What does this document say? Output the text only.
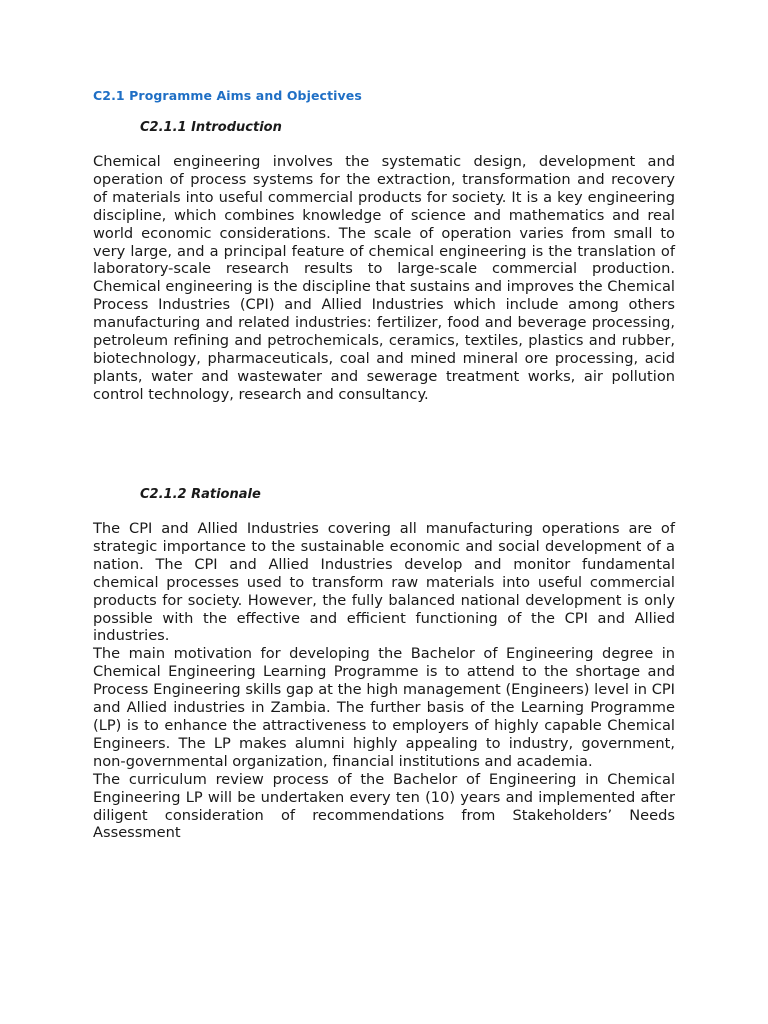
C2.1 Programme Aims and Objectives
C2.1.1 Introduction

Chemical engineering involves the systematic design, development and operation of process systems for the extraction, transformation and recovery of materials into useful commercial products for society. It is a key engineering discipline, which combines knowledge of science and mathematics and real world economic considerations. The scale of operation varies from small to very large, and a principal feature of chemical engineering is the translation of laboratory-scale research results to large-scale commercial production. Chemical engineering is the discipline that sustains and improves the Chemical Process Industries (CPI) and Allied Industries which include among others manufacturing and related industries: fertilizer, food and beverage processing, petroleum refining and petrochemicals, ceramics, textiles, plastics and rubber, biotechnology, pharmaceuticals, coal and mined mineral ore processing, acid plants, water and wastewater and sewerage treatment works, air pollution control technology, research and consultancy.

C2.1.2 Rationale

The CPI and Allied Industries covering all manufacturing operations are of strategic importance to the sustainable economic and social development of a nation. The CPI and Allied Industries develop and monitor fundamental chemical processes used to transform raw materials into useful commercial products for society. However, the fully balanced national development is only possible with the effective and efficient functioning of the CPI and Allied industries.

The main motivation for developing the Bachelor of Engineering degree in Chemical Engineering Learning Programme is to attend to the shortage and Process Engineering skills gap at the high management (Engineers) level in CPI and Allied industries in Zambia. The further basis of the Learning Programme (LP) is to enhance the attractiveness to employers of highly capable Chemical Engineers. The LP makes alumni highly appealing to industry, government, non-governmental organization, financial institutions and academia.

The curriculum review process of the Bachelor of Engineering in Chemical Engineering LP will be undertaken every ten (10) years and implemented after diligent consideration of recommendations from Stakeholders’ Needs Assessment
